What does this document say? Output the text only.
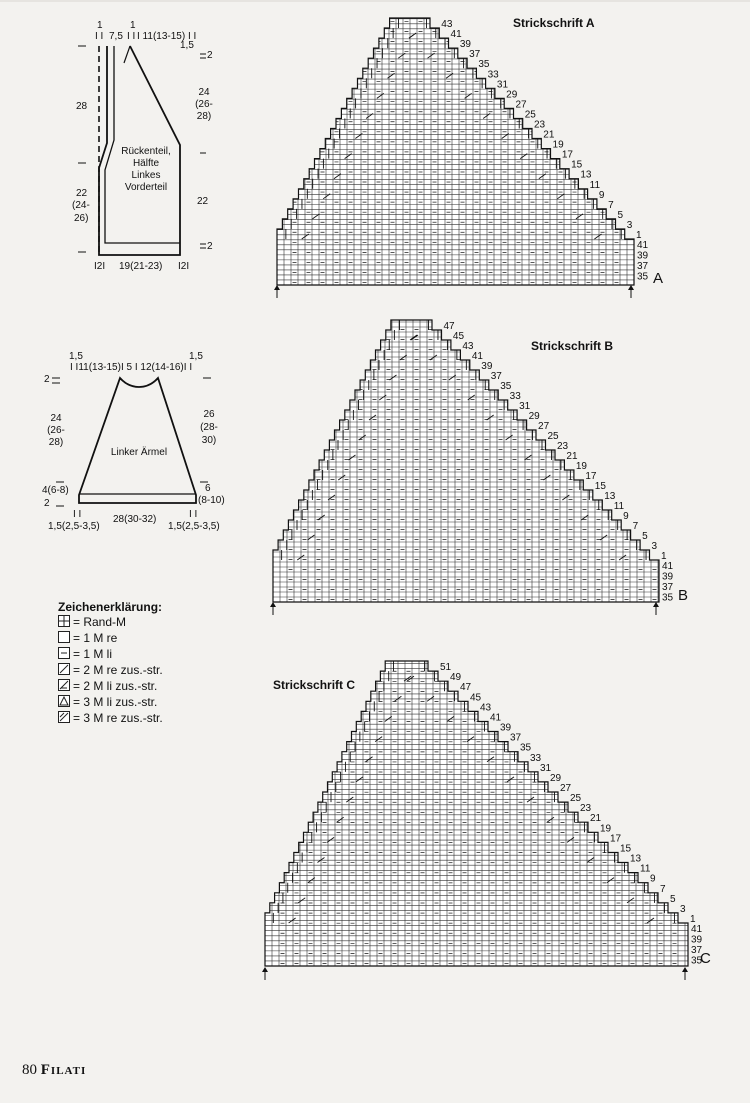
1	1
I I 7,5 I I I 11(13-15) I I
1,5
2
24
(26-
28)
22
2
28
22
(24-
26)
Rückenteil,
Hälfte
Linkes
Vorderteil
I2I 19(21-23) I2I
1,5	1,5
I I11(13-15)I 5 I 12(14-16)I I
2
24
(26-
28)
4(6-8)
2
26
(28-
30)
6
(8-10)
Linker Ärmel
I I	28(30-32)	I I
1,5(2,5-3,5)	1,5(2,5-3,5)
Zeichenerklärung:
= Rand-M
= 1 M re
= 1 M li
= 2 M re zus.-str.
= 2 M li zus.-str.
= 3 M li zus.-str.
= 3 M re zus.-str.
43
41
39
37
35
33
31
29
27
25
23
21
19
17
15
13
11
9
7
5
3
1
41
39
37
35 A
47
45
43
41
39
37
35
33
31
29
27
25
23
21
19
17
15
13
11
9
7
5
3
1
41
39
37
35 B
51
49
47
45
43
41
39
37
35
33
31
29
27
25
23
21
19
17
15
13
11
9
7
5
3
1
41
39
37
35
C
Strickschrift A
Strickschrift B
Strickschrift C
80 Filati
